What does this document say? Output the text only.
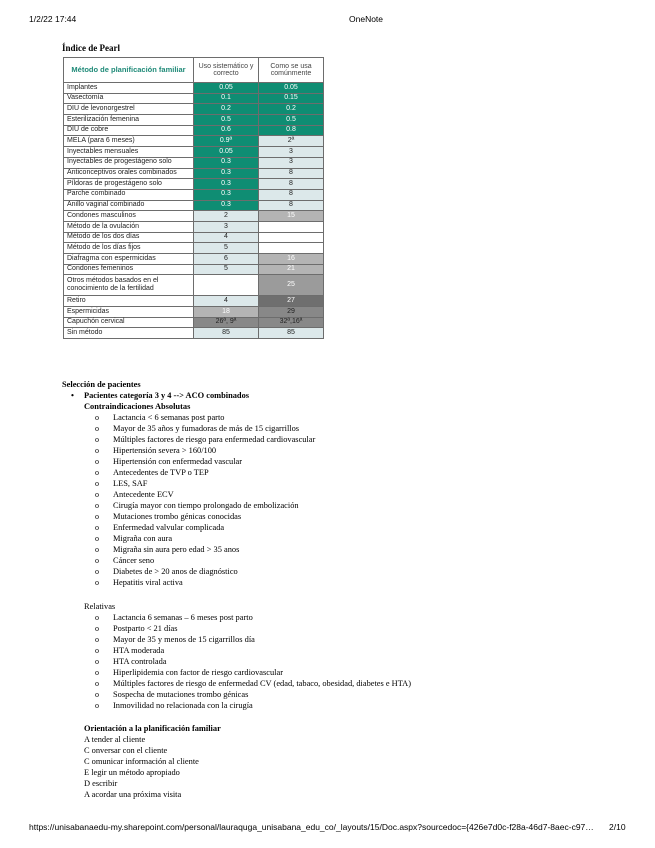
1/2/22 17:44	OneNote
Índice de Pearl
Método de planificación familiar	Uso sistemático y correcto	Como se usa comúnmente
Implantes	0.05	0.05
Vasectomía	0.1	0.15
DIU de levonorgestrel	0.2	0.2
Esterilización femenina	0.5	0.5
DIU de cobre	0.6	0.8
MELA (para 6 meses)	0.9ª	2ª
Inyectables mensuales	0.05	3
Inyectables de progestágeno solo	0.3	3
Anticonceptivos orales combinados	0.3	8
Píldoras de progestágeno solo	0.3	8
Parche combinado	0.3	8
Anillo vaginal combinado	0.3	8
Condones masculinos	2	15
Método de la ovulación	3	
Método de los dos días	4	
Método de los días fijos	5	
Diafragma con espermicidas	6	16
Condones femeninos	5	21
Otros métodos basados en el conocimiento de la fertilidad		25
Retiro	4	27
Espermicidas	18	29
Capuchón cervical	26ª, 9ª	32ª,16ª
Sin método	85	85
Selección de pacientes
• Pacientes categoría 3 y 4 --> ACO combinados
Contraindicaciones Absolutas
o Lactancia < 6 semanas post parto
o Mayor de 35 años y fumadoras de más de 15 cigarrillos
o Múltiples factores de riesgo para enfermedad cardiovascular
o Hipertensión severa > 160/100
o Hipertensión con enfermedad vascular
o Antecedentes de TVP o TEP
o LES, SAF
o Antecedente ECV
o Cirugía mayor con tiempo prolongado de embolización
o Mutaciones trombo génicas conocidas
o Enfermedad valvular complicada
o Migraña con aura
o Migraña sin aura pero edad > 35 anos
o Cáncer seno
o Diabetes de > 20 anos de diagnóstico
o Hepatitis viral activa
Relativas
o Lactancia 6 semanas – 6 meses post parto
o Postparto < 21 días
o Mayor de 35 y menos de 15 cigarrillos día
o HTA moderada
o HTA controlada
o Hiperlipidemia con factor de riesgo cardiovascular
o Múltiples factores de riesgo de enfermedad CV (edad, tabaco, obesidad, diabetes e HTA)
o Sospecha de mutaciones trombo génicas
o Inmovilidad no relacionada con la cirugía
Orientación a la planificación familiar
A tender al cliente
C onversar con el cliente
C omunicar información al cliente
E legir un método apropiado
D escribir
A acordar una próxima visita
https://unisabanaedu-my.sharepoint.com/personal/lauraquga_unisabana_edu_co/_layouts/15/Doc.aspx?sourcedoc={426e7d0c-f28a-46d7-8aec-c97… 2/10
